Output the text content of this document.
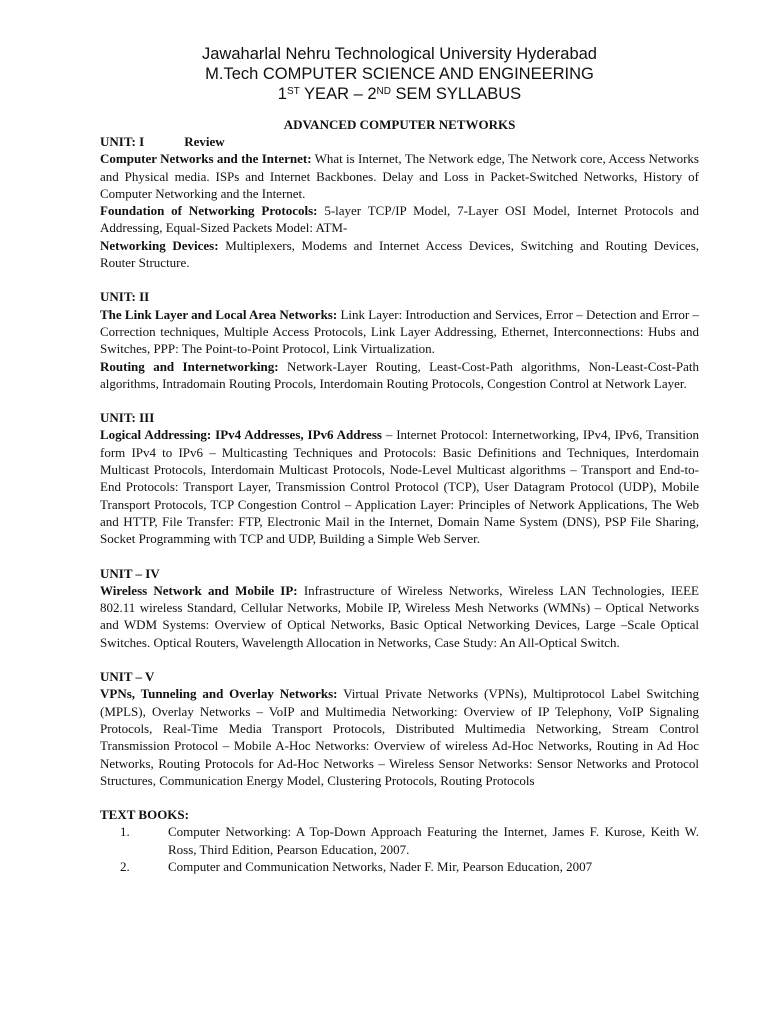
Jawaharlal Nehru Technological University Hyderabad
M.Tech COMPUTER SCIENCE AND ENGINEERING
1ST YEAR – 2ND SEM SYLLABUS
ADVANCED COMPUTER NETWORKS
UNIT: I	Review

Computer Networks and the Internet: What is Internet, The Network edge, The Network core, Access Networks and Physical media. ISPs and Internet Backbones. Delay and Loss in Packet-Switched Networks, History of Computer Networking and the Internet.

Foundation of Networking Protocols: 5-layer TCP/IP Model, 7-Layer OSI Model, Internet Protocols and Addressing, Equal-Sized Packets Model: ATM-

Networking Devices: Multiplexers, Modems and Internet Access Devices, Switching and Routing Devices, Router Structure.

UNIT: II

The Link Layer and Local Area Networks: Link Layer: Introduction and Services, Error – Detection and Error – Correction techniques, Multiple Access Protocols, Link Layer Addressing, Ethernet, Interconnections: Hubs and Switches, PPP: The Point-to-Point Protocol, Link Virtualization.

Routing and Internetworking: Network-Layer Routing, Least-Cost-Path algorithms, Non-Least-Cost-Path algorithms, Intradomain Routing Procols, Interdomain Routing Protocols, Congestion Control at Network Layer.

UNIT: III

Logical Addressing: IPv4 Addresses, IPv6 Address – Internet Protocol: Internetworking, IPv4, IPv6, Transition form IPv4 to IPv6 – Multicasting Techniques and Protocols: Basic Definitions and Techniques, Interdomain Multicast Protocols, Interdomain Multicast Protocols, Node-Level Multicast algorithms – Transport and End-to-End Protocols: Transport Layer, Transmission Control Protocol (TCP), User Datagram Protocol (UDP), Mobile Transport Protocols, TCP Congestion Control – Application Layer: Principles of Network Applications, The Web and HTTP, File Transfer: FTP, Electronic Mail in the Internet, Domain Name System (DNS), PSP File Sharing, Socket Programming with TCP and UDP, Building a Simple Web Server.

UNIT – IV

Wireless Network and Mobile IP: Infrastructure of Wireless Networks, Wireless LAN Technologies, IEEE 802.11 wireless Standard, Cellular Networks, Mobile IP, Wireless Mesh Networks (WMNs) – Optical Networks and WDM Systems: Overview of Optical Networks, Basic Optical Networking Devices, Large –Scale Optical Switches. Optical Routers, Wavelength Allocation in Networks, Case Study: An All-Optical Switch.

UNIT – V

VPNs, Tunneling and Overlay Networks: Virtual Private Networks (VPNs), Multiprotocol Label Switching (MPLS), Overlay Networks – VoIP and Multimedia Networking: Overview of IP Telephony, VoIP Signaling Protocols, Real-Time Media Transport Protocols, Distributed Multimedia Networking, Stream Control Transmission Protocol – Mobile A-Hoc Networks: Overview of wireless Ad-Hoc Networks, Routing in Ad Hoc Networks, Routing Protocols for Ad-Hoc Networks – Wireless Sensor Networks: Sensor Networks and Protocol Structures, Communication Energy Model, Clustering Protocols, Routing Protocols

TEXT BOOKS:
1.	Computer Networking: A Top-Down Approach Featuring the Internet, James F. Kurose, Keith W. Ross, Third Edition, Pearson Education, 2007.
2.	Computer and Communication Networks, Nader F. Mir, Pearson Education, 2007
